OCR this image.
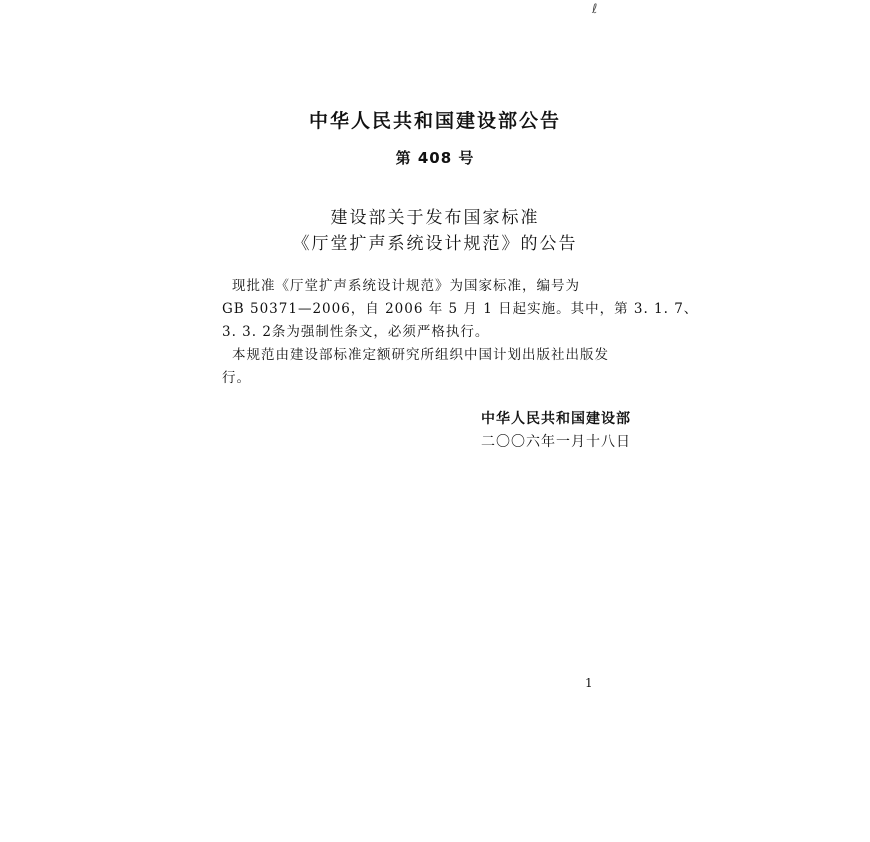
ℓ
中华人民共和国建设部公告
第 408 号
建设部关于发布国家标准
《厅堂扩声系统设计规范》的公告
现批准《厅堂扩声系统设计规范》为国家标准，编号为
GB 50371—2006，自 2006 年 5 月 1 日起实施。其中，第 3. 1. 7、
3. 3. 2条为强制性条文，必须严格执行。
本规范由建设部标准定额研究所组织中国计划出版社出版发
行。
中华人民共和国建设部
二〇〇六年一月十八日
1
